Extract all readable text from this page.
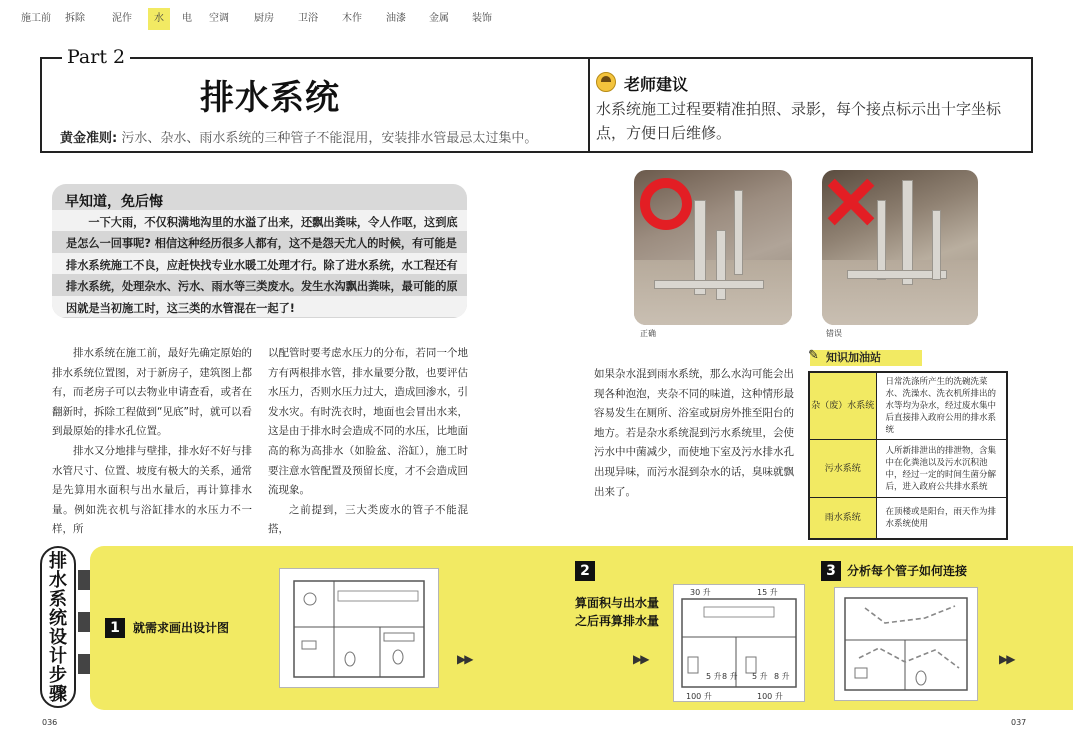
施工前	拆除	泥作	水	电	空调	厨房	卫浴	木作	油漆	金属	装饰
Part 2
排水系统
黄金准则: 污水、杂水、雨水系统的三种管子不能混用，安装排水管最忌太过集中。
老师建议
水系统施工过程要精准拍照、录影，每个接点标示出十字坐标点，方便日后维修。
早知道，免后悔
一下大雨，不仅积满地沟里的水溢了出来，还飘出粪味，令人作呕，这到底是怎么一回事呢? 相信这种经历很多人都有，这不是怨天尤人的时候，有可能是排水系统施工不良，应赶快找专业水暖工处理才行。除了进水系统，水工程还有排水系统，处理杂水、污水、雨水等三类废水。发生水沟飘出粪味，最可能的原因就是当初施工时，这三类的水管混在一起了!

排水系统在施工前，最好先确定原始的排水系统位置图，对于新房子，建筑图上都有，而老房子可以去物业申请查看，或者在翻新时，拆除工程做到“见底”时，就可以看到最原始的排水孔位置。

排水又分地排与壁排，排水好不好与排水管尺寸、位置、坡度有极大的关系，通常是先算用水面积与出水量后，再计算排水量。例如洗衣机与浴缸排水的水压力不一样，所

以配管时要考虑水压力的分布，若同一个地方有两根排水管，排水量要分散，也要评估水压力，否则水压力过大，造成回渗水，引发水灾。有时洗衣时，地面也会冒出水来，这是由于排水时会造成不同的水压，比地面高的称为高排水（如脸盆、浴缸），施工时要注意水管配置及预留长度，才不会造成回流现象。

之前提到，三大类废水的管子不能混搭，

如果杂水混到雨水系统，那么水沟可能会出现各种泡泡，夹杂不同的味道，这种情形最容易发生在厕所、浴室或厨房外推至阳台的地方。若是杂水系统混到污水系统里，会使污水中中菌减少，而使地下室及污水排水孔出现异味，而污水混到杂水的话，臭味就飘出来了。

正确	错误
✎ 知识加油站
杂（废）水系统	日常洗涤所产生的洗碗洗菜水、洗澡水、洗衣机所排出的水等均为杂水，经过废水集中后直接排入政府公用的排水系统
污水系统	人所新排泄出的排泄物，含集中在化粪池以及污水沉积池中，经过一定的时间生菌分解后，进入政府公共排水系统
雨水系统	在顶楼或是阳台，雨天作为排水系统使用
排水系统设计步骤
1	就需求画出设计图
▶▶
2
算面积与出水量
之后再算排水量
▶▶
30 升	15 升
5 升 8 升 5 升 8 升
100 升	100 升
3 分析每个管子如何连接
▶▶
036	037
